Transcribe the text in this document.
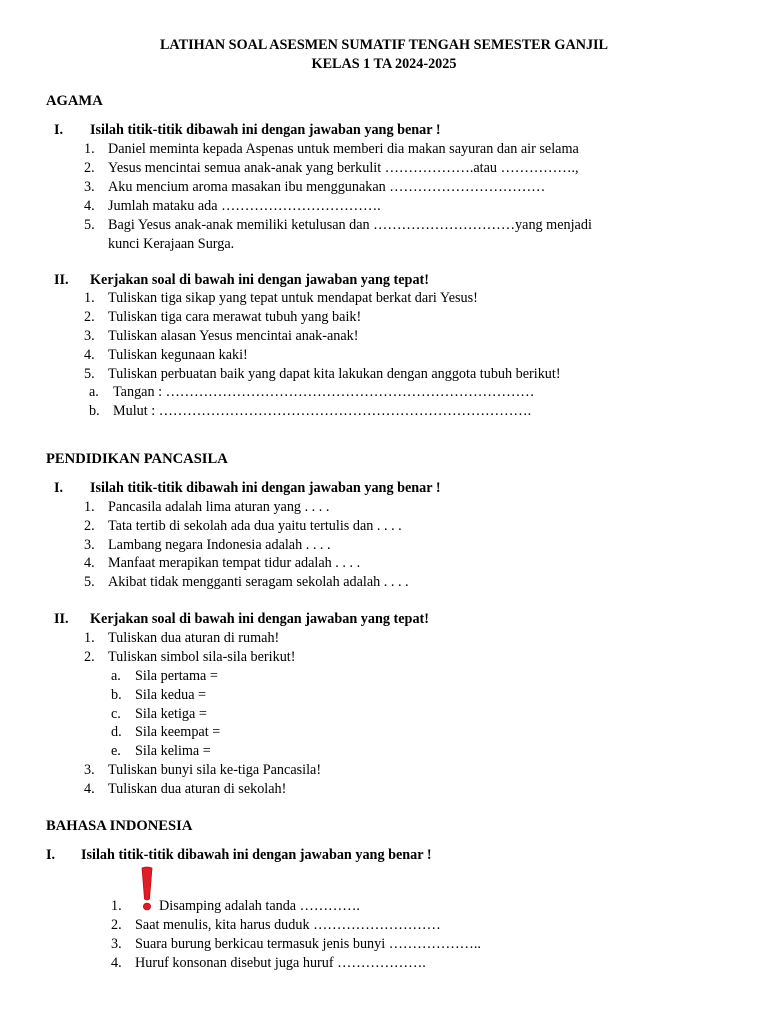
LATIHAN SOAL ASESMEN SUMATIF TENGAH SEMESTER GANJIL
KELAS 1 TA 2024-2025
AGAMA
I. Isilah titik-titik dibawah ini dengan jawaban yang benar !
1. Daniel meminta kepada Aspenas untuk memberi dia makan sayuran dan air selama
2. Yesus mencintai semua anak-anak yang berkulit ……………….atau …………….,
3. Aku mencium aroma masakan ibu menggunakan ……………………………
4. Jumlah mataku ada …………………………….
5. Bagi Yesus anak-anak memiliki ketulusan dan …………………………yang menjadi
kunci Kerajaan Surga.
II. Kerjakan soal di bawah ini dengan jawaban yang tepat!
1. Tuliskan tiga sikap yang tepat untuk mendapat berkat dari Yesus!
2. Tuliskan tiga cara merawat tubuh yang baik!
3. Tuliskan alasan Yesus mencintai anak-anak!
4. Tuliskan kegunaan kaki!
5. Tuliskan perbuatan baik yang dapat kita lakukan dengan anggota tubuh berikut!
a. Tangan : ……………………………………………………………………
b. Mulut : …………………………………………………………………….
PENDIDIKAN PANCASILA
I. Isilah titik-titik dibawah ini dengan jawaban yang benar !
1. Pancasila adalah lima aturan yang . . . .
2. Tata tertib di sekolah ada dua yaitu tertulis dan . . . .
3. Lambang negara Indonesia adalah . . . .
4. Manfaat merapikan tempat tidur adalah . . . .
5. Akibat tidak mengganti seragam sekolah adalah . . . .
II. Kerjakan soal di bawah ini dengan jawaban yang tepat!
1. Tuliskan dua aturan di rumah!
2. Tuliskan simbol sila-sila berikut!
a. Sila pertama =
b. Sila kedua =
c. Sila ketiga =
d. Sila keempat =
e. Sila kelima =
3. Tuliskan bunyi sila ke-tiga Pancasila!
4. Tuliskan dua aturan di sekolah!
BAHASA INDONESIA
I. Isilah titik-titik dibawah ini dengan jawaban yang benar !
1.	Disamping adalah tanda ………….
2. Saat menulis, kita harus duduk ………………………
3. Suara burung berkicau termasuk jenis bunyi ………………..
4. Huruf konsonan disebut juga huruf ……………….
